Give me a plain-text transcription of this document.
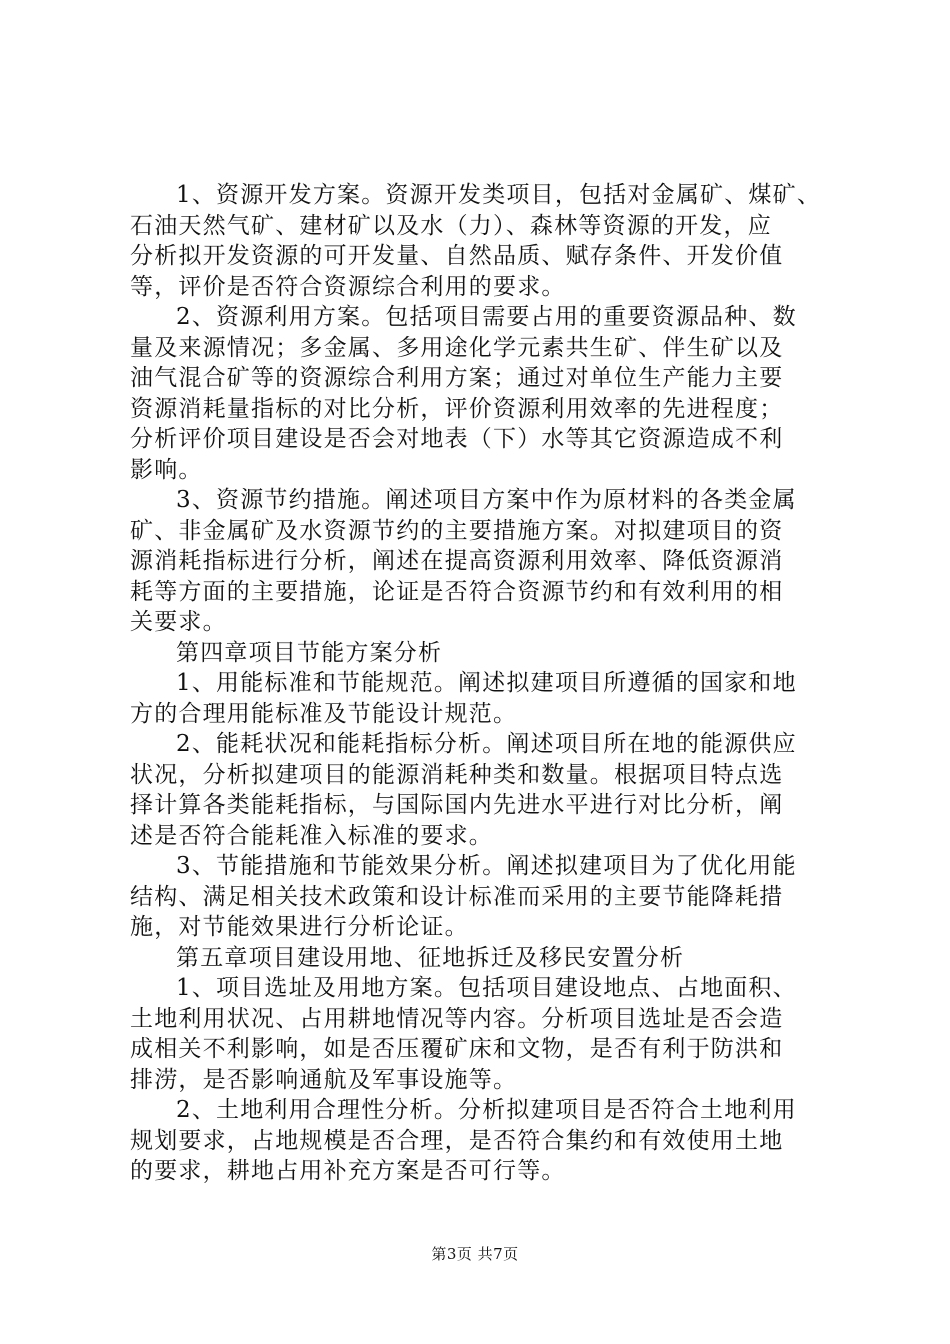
1、资源开发方案。资源开发类项目，包括对金属矿、煤矿、
石油天然气矿、建材矿以及水（力）、森林等资源的开发，应
分析拟开发资源的可开发量、自然品质、赋存条件、开发价值
等，评价是否符合资源综合利用的要求。
2、资源利用方案。包括项目需要占用的重要资源品种、数
量及来源情况；多金属、多用途化学元素共生矿、伴生矿以及
油气混合矿等的资源综合利用方案；通过对单位生产能力主要
资源消耗量指标的对比分析，评价资源利用效率的先进程度；
分析评价项目建设是否会对地表（下）水等其它资源造成不利
影响。
3、资源节约措施。阐述项目方案中作为原材料的各类金属
矿、非金属矿及水资源节约的主要措施方案。对拟建项目的资
源消耗指标进行分析，阐述在提高资源利用效率、降低资源消
耗等方面的主要措施，论证是否符合资源节约和有效利用的相
关要求。
第四章项目节能方案分析
1、用能标准和节能规范。阐述拟建项目所遵循的国家和地
方的合理用能标准及节能设计规范。
2、能耗状况和能耗指标分析。阐述项目所在地的能源供应
状况，分析拟建项目的能源消耗种类和数量。根据项目特点选
择计算各类能耗指标，与国际国内先进水平进行对比分析，阐
述是否符合能耗准入标准的要求。
3、节能措施和节能效果分析。阐述拟建项目为了优化用能
结构、满足相关技术政策和设计标准而采用的主要节能降耗措
施，对节能效果进行分析论证。
第五章项目建设用地、征地拆迁及移民安置分析
1、项目选址及用地方案。包括项目建设地点、占地面积、
土地利用状况、占用耕地情况等内容。分析项目选址是否会造
成相关不利影响，如是否压覆矿床和文物，是否有利于防洪和
排涝，是否影响通航及军事设施等。
2、土地利用合理性分析。分析拟建项目是否符合土地利用
规划要求，占地规模是否合理，是否符合集约和有效使用土地
的要求，耕地占用补充方案是否可行等。
第3页 共7页
